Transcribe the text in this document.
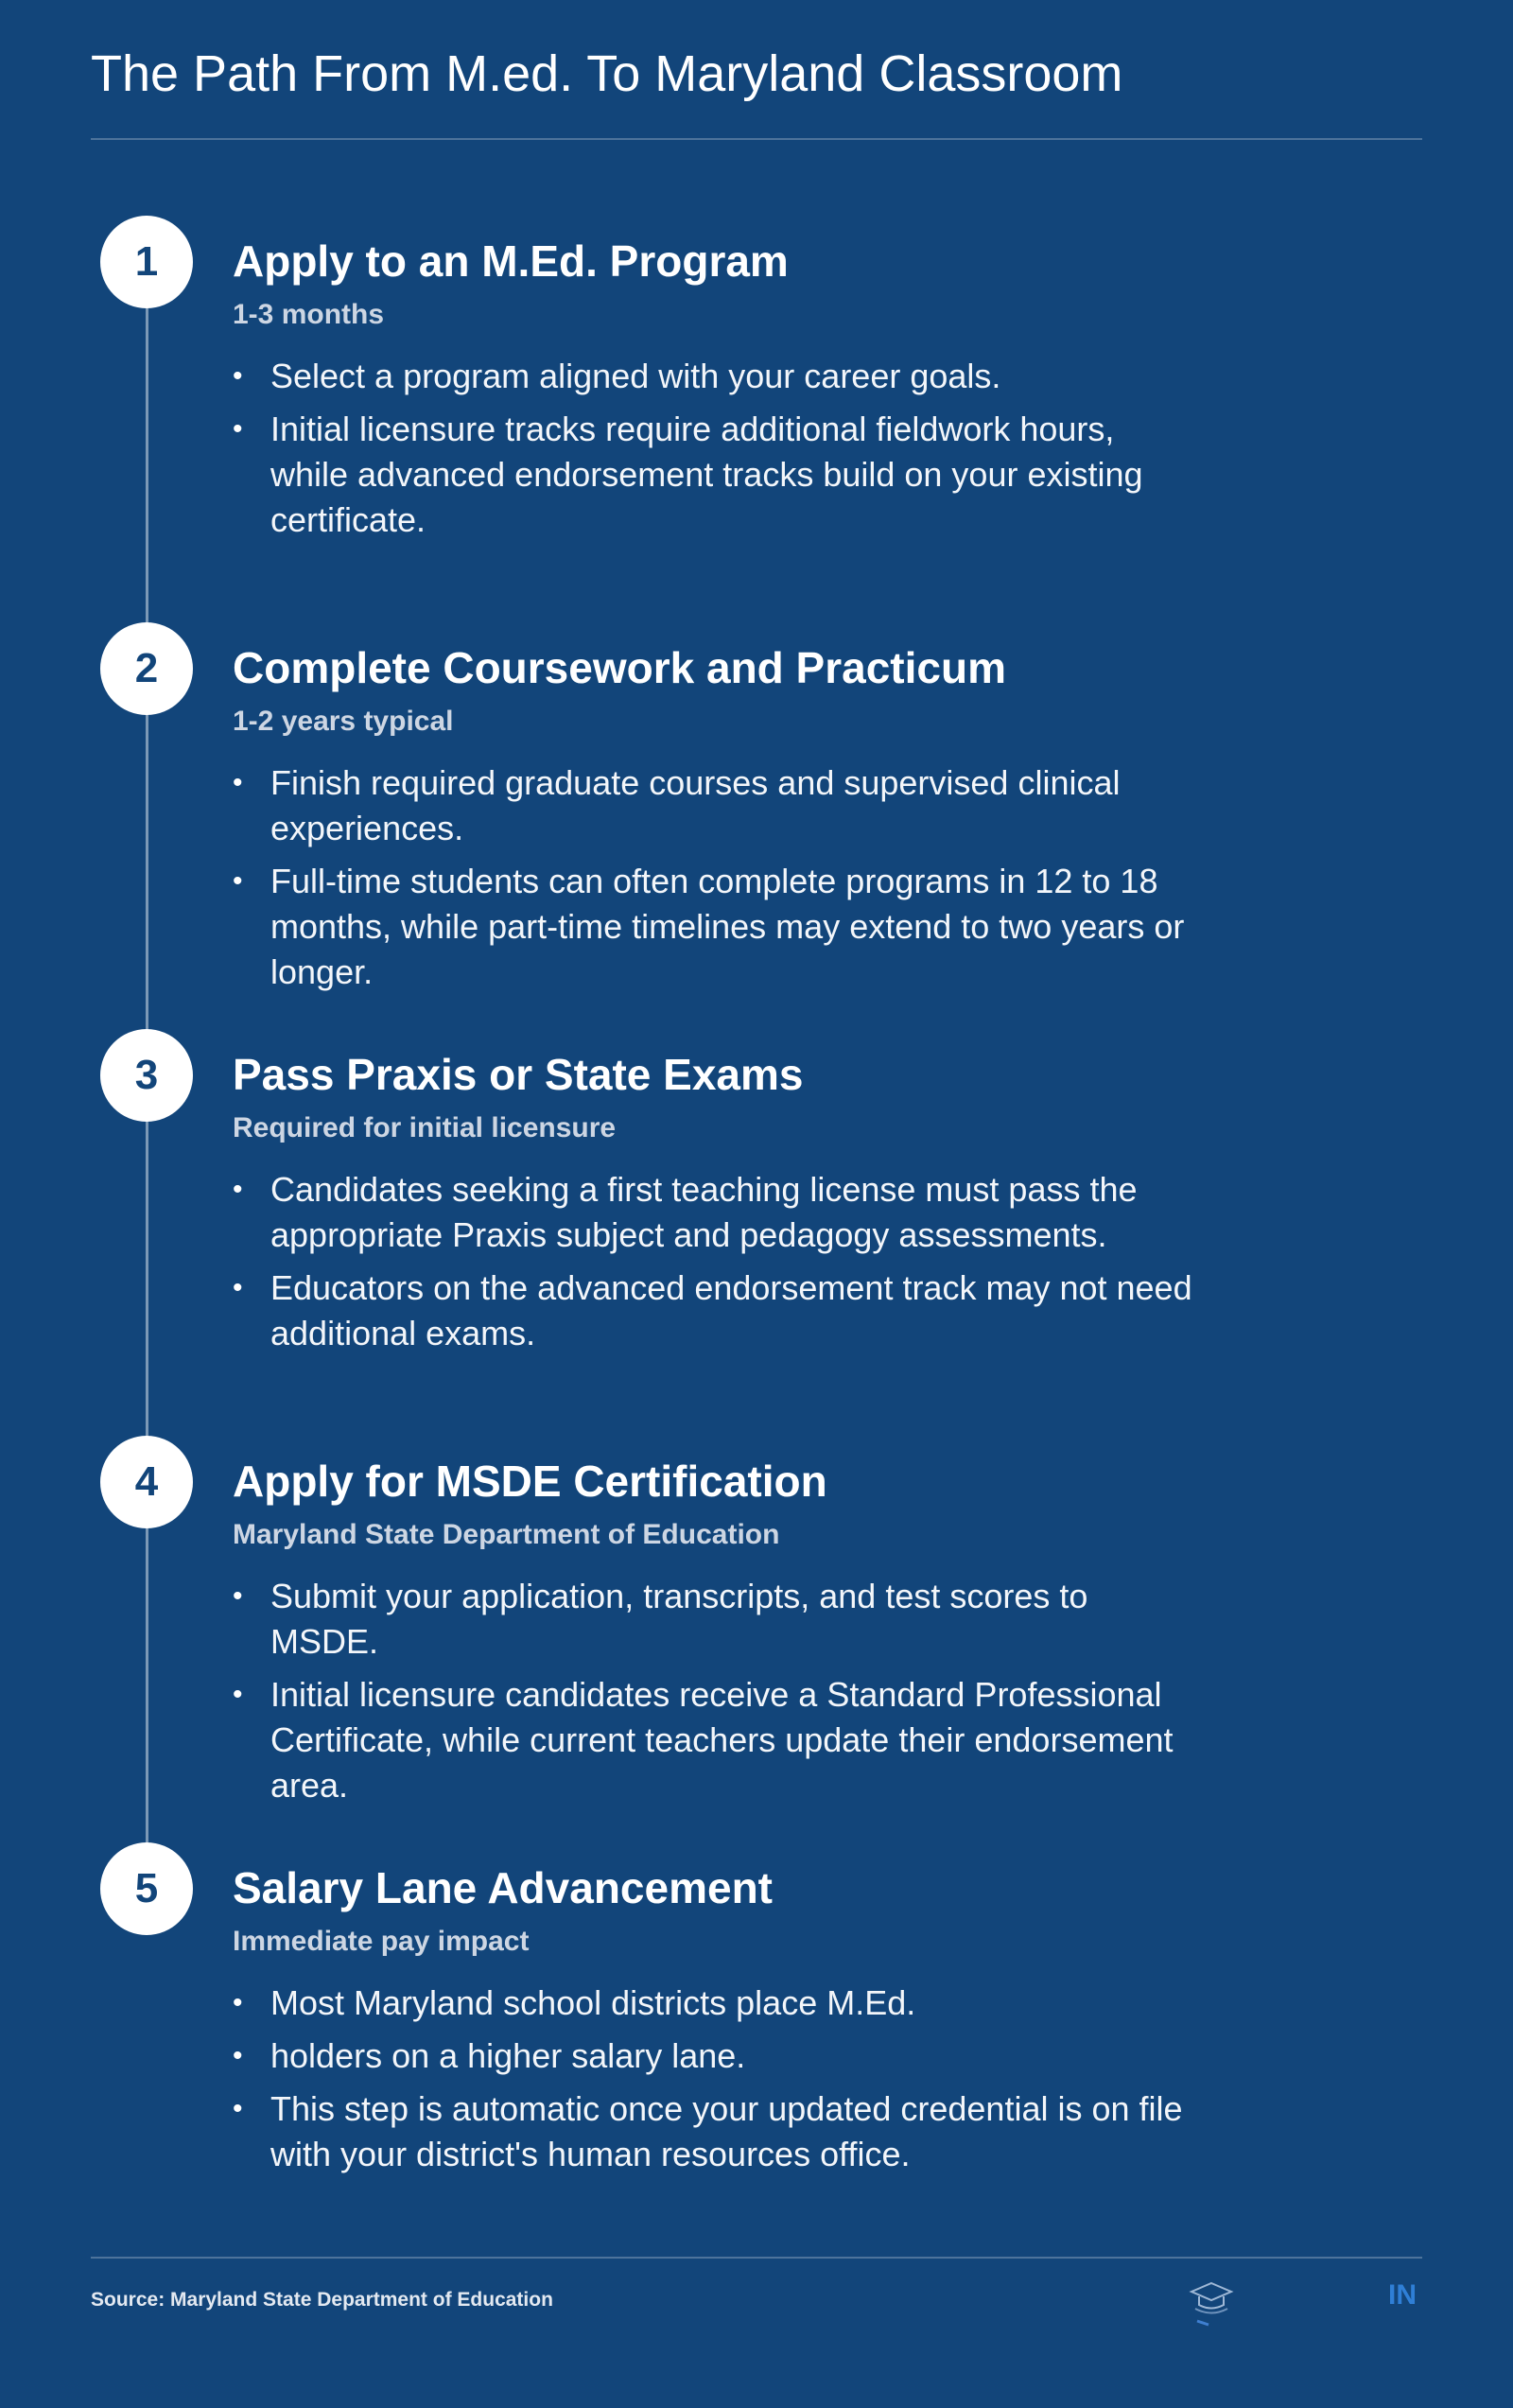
The Path From M.ed. To Maryland Classroom
1	Apply to an M.Ed. Program
1-3 months
• Select a program aligned with your career goals.
• Initial licensure tracks require additional fieldwork hours, while advanced endorsement tracks build on your existing certificate.
2	Complete Coursework and Practicum
1-2 years typical
• Finish required graduate courses and supervised clinical experiences.
• Full-time students can often complete programs in 12 to 18 months, while part-time timelines may extend to two years or longer.
3	Pass Praxis or State Exams
Required for initial licensure
• Candidates seeking a first teaching license must pass the appropriate Praxis subject and pedagogy assessments.
• Educators on the advanced endorsement track may not need additional exams.
4	Apply for MSDE Certification
Maryland State Department of Education
• Submit your application, transcripts, and test scores to MSDE.
• Initial licensure candidates receive a Standard Professional Certificate, while current teachers update their endorsement area.
5	Salary Lane Advancement
Immediate pay impact
• Most Maryland school districts place M.Ed.
• holders on a higher salary lane.
• This step is automatic once your updated credential is on file with your district's human resources office.
Source: Maryland State Department of Education	IN
